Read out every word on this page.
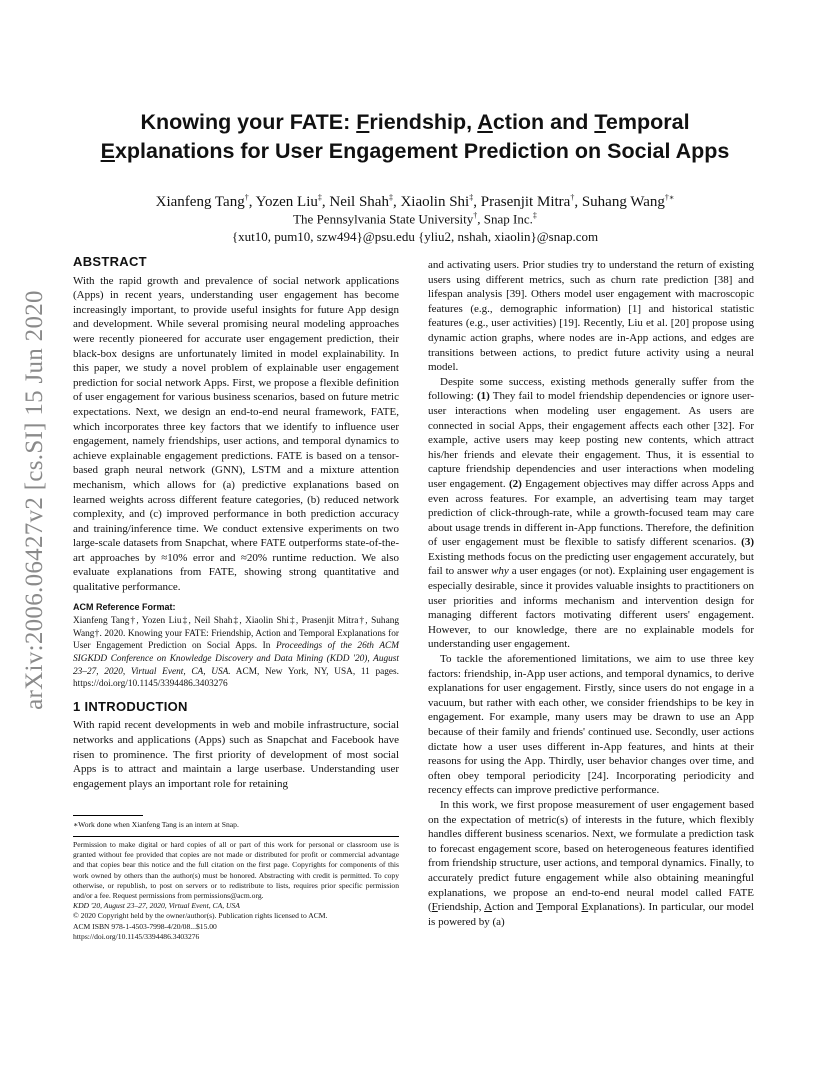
arXiv:2006.06427v2 [cs.SI] 15 Jun 2020
Knowing your FATE: Friendship, Action and Temporal
Explanations for User Engagement Prediction on Social Apps
Xianfeng Tang†, Yozen Liu‡, Neil Shah‡, Xiaolin Shi‡, Prasenjit Mitra†, Suhang Wang†∗
The Pennsylvania State University†, Snap Inc.‡
{xut10, pum10, szw494}@psu.edu {yliu2, nshah, xiaolin}@snap.com
ABSTRACT

With the rapid growth and prevalence of social network applications (Apps) in recent years, understanding user engagement has become increasingly important, to provide useful insights for future App design and development. While several promising neural modeling approaches were recently pioneered for accurate user engagement prediction, their black-box designs are unfortunately limited in model explainability. In this paper, we study a novel problem of explainable user engagement prediction for social network Apps. First, we propose a flexible definition of user engagement for various business scenarios, based on future metric expectations. Next, we design an end-to-end neural framework, FATE, which incorporates three key factors that we identify to influence user engagement, namely friendships, user actions, and temporal dynamics to achieve explainable engagement predictions. FATE is based on a tensor-based graph neural network (GNN), LSTM and a mixture attention mechanism, which allows for (a) predictive explanations based on learned weights across different feature categories, (b) reduced network complexity, and (c) improved performance in both prediction accuracy and training/inference time. We conduct extensive experiments on two large-scale datasets from Snapchat, where FATE outperforms state-of-the-art approaches by ≈10% error and ≈20% runtime reduction. We also evaluate explanations from FATE, showing strong quantitative and qualitative performance.

ACM Reference Format:

Xianfeng Tang†, Yozen Liu‡, Neil Shah‡, Xiaolin Shi‡, Prasenjit Mitra†, Suhang Wang†. 2020. Knowing your FATE: Friendship, Action and Temporal Explanations for User Engagement Prediction on Social Apps. In Proceedings of the 26th ACM SIGKDD Conference on Knowledge Discovery and Data Mining (KDD '20), August 23–27, 2020, Virtual Event, CA, USA. ACM, New York, NY, USA, 11 pages. https://doi.org/10.1145/3394486.3403276

1 INTRODUCTION

With rapid recent developments in web and mobile infrastructure, social networks and applications (Apps) such as Snapchat and Facebook have risen to prominence. The first priority of development of most social Apps is to attract and maintain a large userbase. Understanding user engagement plays an important role for retaining

∗Work done when Xianfeng Tang is an intern at Snap.

Permission to make digital or hard copies of all or part of this work for personal or classroom use is granted without fee provided that copies are not made or distributed for profit or commercial advantage and that copies bear this notice and the full citation on the first page. Copyrights for components of this work owned by others than the author(s) must be honored. Abstracting with credit is permitted. To copy otherwise, or republish, to post on servers or to redistribute to lists, requires prior specific permission and/or a fee. Request permissions from permissions@acm.org.

KDD '20, August 23–27, 2020, Virtual Event, CA, USA

© 2020 Copyright held by the owner/author(s). Publication rights licensed to ACM.

ACM ISBN 978-1-4503-7998-4/20/08...$15.00

https://doi.org/10.1145/3394486.3403276

and activating users. Prior studies try to understand the return of existing users using different metrics, such as churn rate prediction [38] and lifespan analysis [39]. Others model user engagement with macroscopic features (e.g., demographic information) [1] and historical statistic features (e.g., user activities) [19]. Recently, Liu et al. [20] propose using dynamic action graphs, where nodes are in-App actions, and edges are transitions between actions, to predict future activity using a neural model.

Despite some success, existing methods generally suffer from the following: (1) They fail to model friendship dependencies or ignore user-user interactions when modeling user engagement. As users are connected in social Apps, their engagement affects each other [32]. For example, active users may keep posting new contents, which attract his/her friends and elevate their engagement. Thus, it is essential to capture friendship dependencies and user interactions when modeling user engagement. (2) Engagement objectives may differ across Apps and even across features. For example, an advertising team may target prediction of click-through-rate, while a growth-focused team may care about usage trends in different in-App functions. Therefore, the definition of user engagement must be flexible to satisfy different scenarios. (3) Existing methods focus on the predicting user engagement accurately, but fail to answer why a user engages (or not). Explaining user engagement is especially desirable, since it provides valuable insights to practitioners on user priorities and informs mechanism and intervention design for managing different factors motivating different users' engagement. However, to our knowledge, there are no explainable models for understanding user engagement.

To tackle the aforementioned limitations, we aim to use three key factors: friendship, in-App user actions, and temporal dynamics, to derive explanations for user engagement. Firstly, since users do not engage in a vacuum, but rather with each other, we consider friendships to be key in engagement. For example, many users may be drawn to use an App because of their family and friends' continued use. Secondly, user actions dictate how a user uses different in-App features, and hints at their reasons for using the App. Thirdly, user behavior changes over time, and often obey temporal periodicity [24]. Incorporating periodicity and recency effects can improve predictive performance.

In this work, we first propose measurement of user engagement based on the expectation of metric(s) of interests in the future, which flexibly handles different business scenarios. Next, we formulate a prediction task to forecast engagement score, based on heterogeneous features identified from friendship structure, user actions, and temporal dynamics. Finally, to accurately predict future engagement while also obtaining meaningful explanations, we propose an end-to-end neural model called FATE (Friendship, Action and Temporal Explanations). In particular, our model is powered by (a)
